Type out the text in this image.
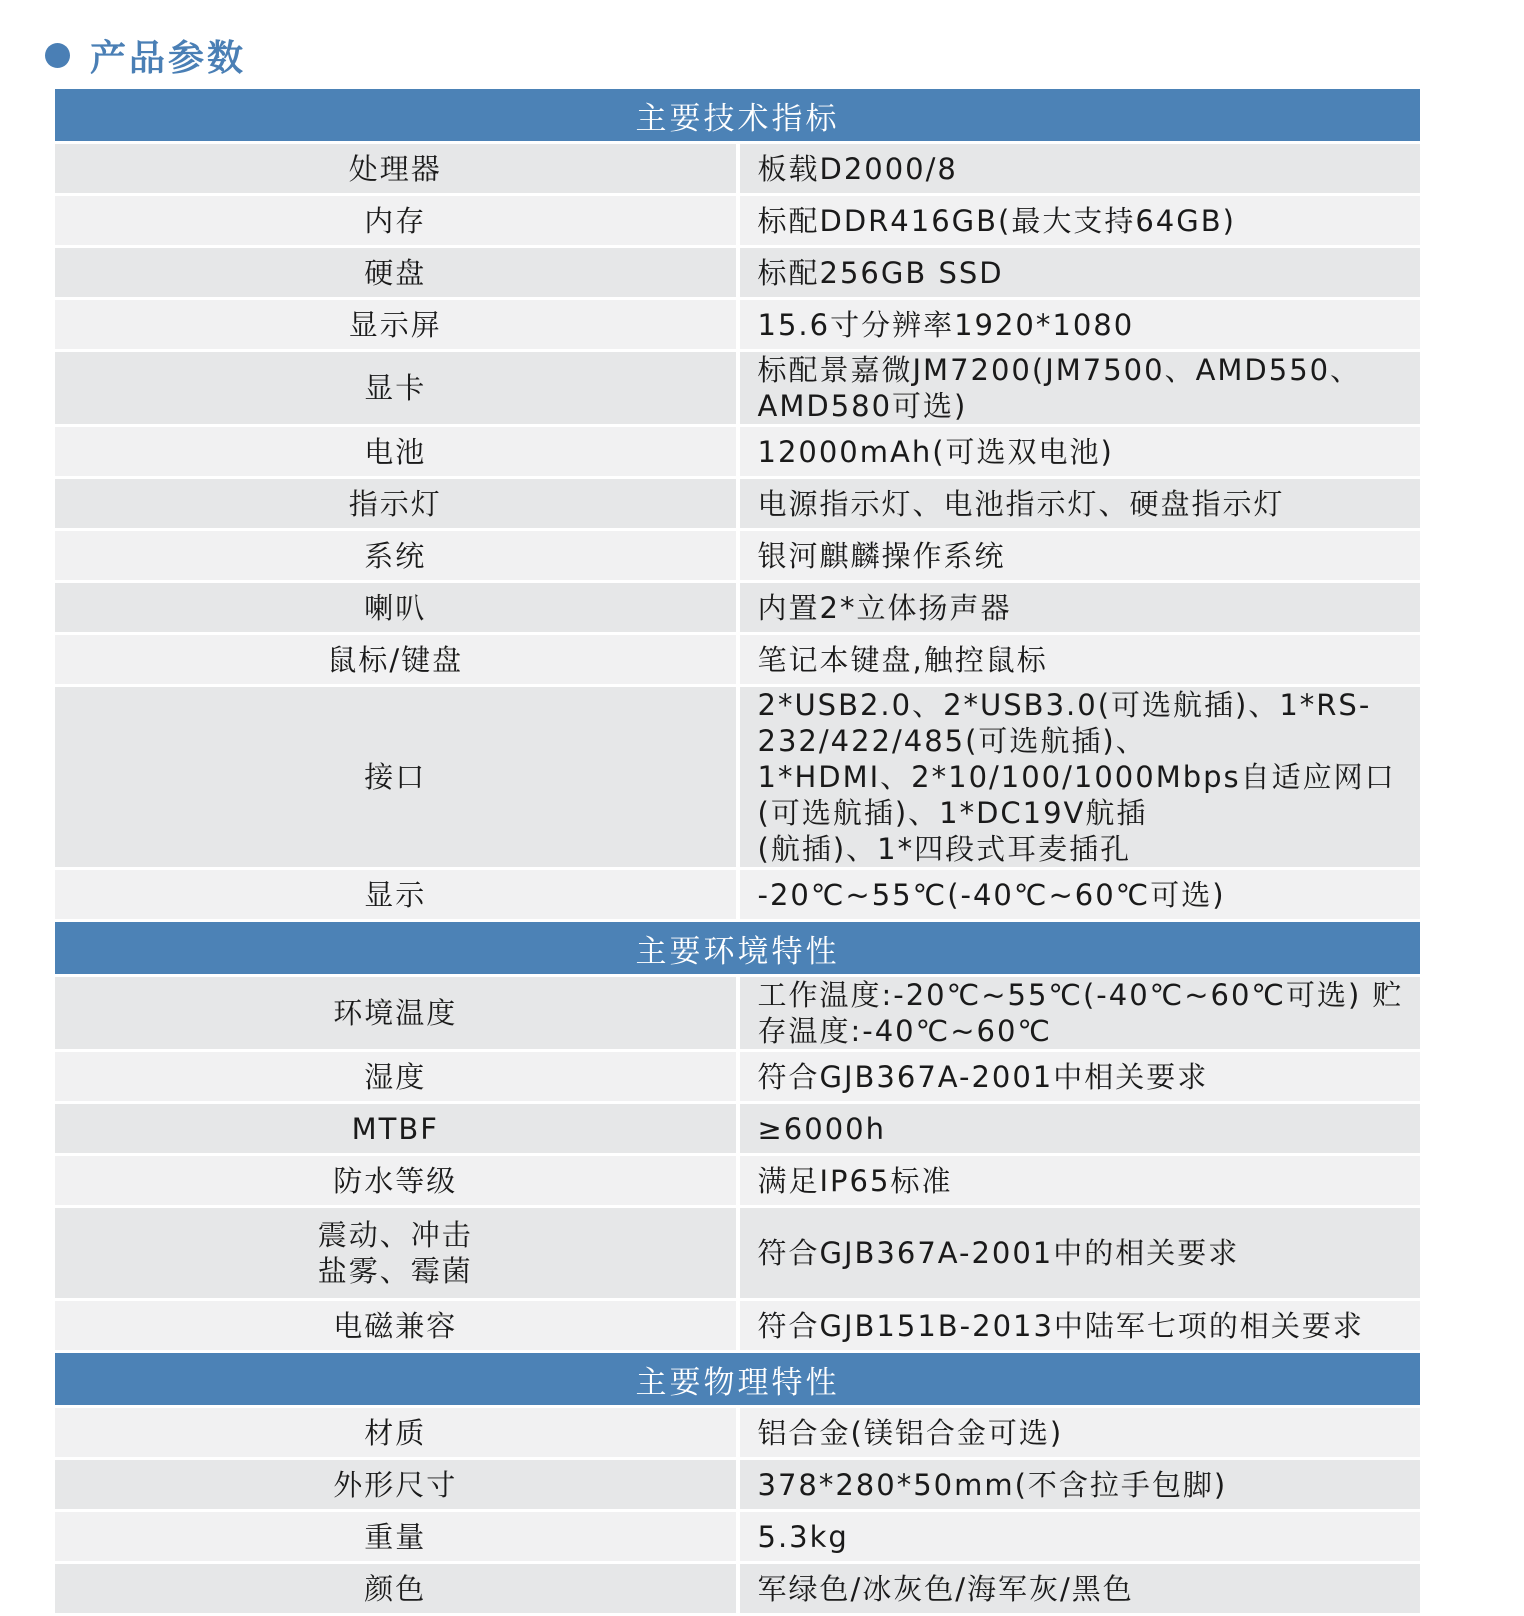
产品参数
主要技术指标	
处理器	板载D2000/8
内存	标配DDR416GB(最大支持64GB)
硬盘	标配256GB SSD
显示屏	15.6寸分辨率1920*1080
显卡	标配景嘉微JM7200(JM7500、AMD550、AMD580可选)
电池	12000mAh(可选双电池)
指示灯	电源指示灯、电池指示灯、硬盘指示灯
系统	银河麒麟操作系统
喇叭	内置2*立体扬声器
鼠标/键盘	笔记本键盘,触控鼠标
接口	2*USB2.0、2*USB3.0(可选航插)、1*RS-232/422/485(可选航插)、
1*HDMI、2*10/100/1000Mbps自适应网口(可选航插)、1*DC19V航插
(航插)、1*四段式耳麦插孔
显示	-20℃~55℃(-40℃~60℃可选)
主要环境特性	
环境温度	工作温度:-20℃~55℃(-40℃~60℃可选) 贮存温度:-40℃~60℃
湿度	符合GJB367A-2001中相关要求
MTBF	≥6000h
防水等级	满足IP65标准
震动、冲击
盐雾、霉菌	符合GJB367A-2001中的相关要求
电磁兼容	符合GJB151B-2013中陆军七项的相关要求
主要物理特性	
材质	铝合金(镁铝合金可选)
外形尺寸	378*280*50mm(不含拉手包脚)
重量	5.3kg
颜色	军绿色/冰灰色/海军灰/黑色
